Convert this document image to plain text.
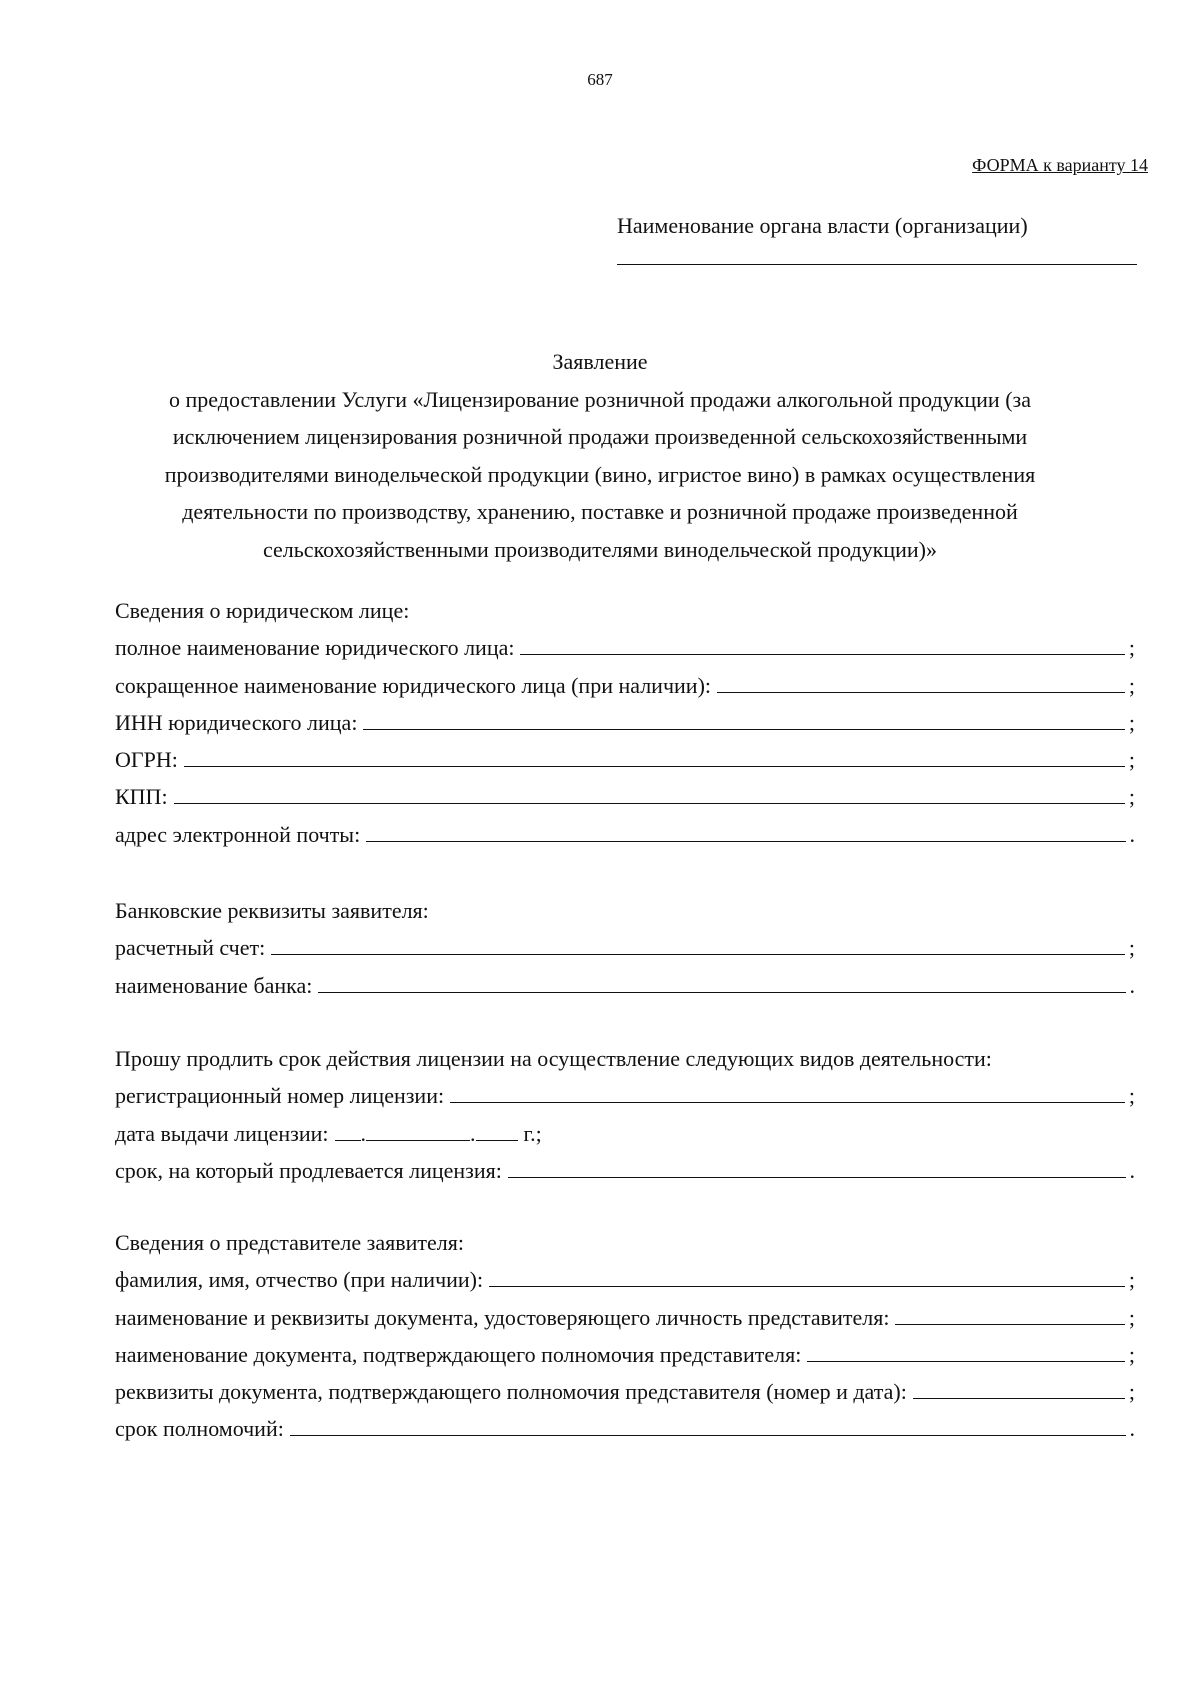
687
ФОРМА к варианту 14
Наименование органа власти (организации)
Заявление
о предоставлении Услуги «Лицензирование розничной продажи алкогольной продукции (за
исключением лицензирования розничной продажи произведенной сельскохозяйственными
производителями винодельческой продукции (вино, игристое вино) в рамках осуществления
деятельности по производству, хранению, поставке и розничной продаже произведенной
сельскохозяйственными производителями винодельческой продукции)»
Сведения о юридическом лице:
полное наименование юридического лица:	;
сокращенное наименование юридического лица (при наличии):	;
ИНН юридического лица:	;
ОГРН:	;
КПП:	;
адрес электронной почты:	.
Банковские реквизиты заявителя:
расчетный счет:	;
наименование банка:	.
Прошу продлить срок действия лицензии на осуществление следующих видов деятельности:
регистрационный номер лицензии:	;
дата выдачи лицензии: .	. г.;
срок, на который продлевается лицензия:	.
Сведения о представителе заявителя:
фамилия, имя, отчество (при наличии):	;
наименование и реквизиты документа, удостоверяющего личность представителя:	;
наименование документа, подтверждающего полномочия представителя:	;
реквизиты документа, подтверждающего полномочия представителя (номер и дата):	;
срок полномочий:	.
